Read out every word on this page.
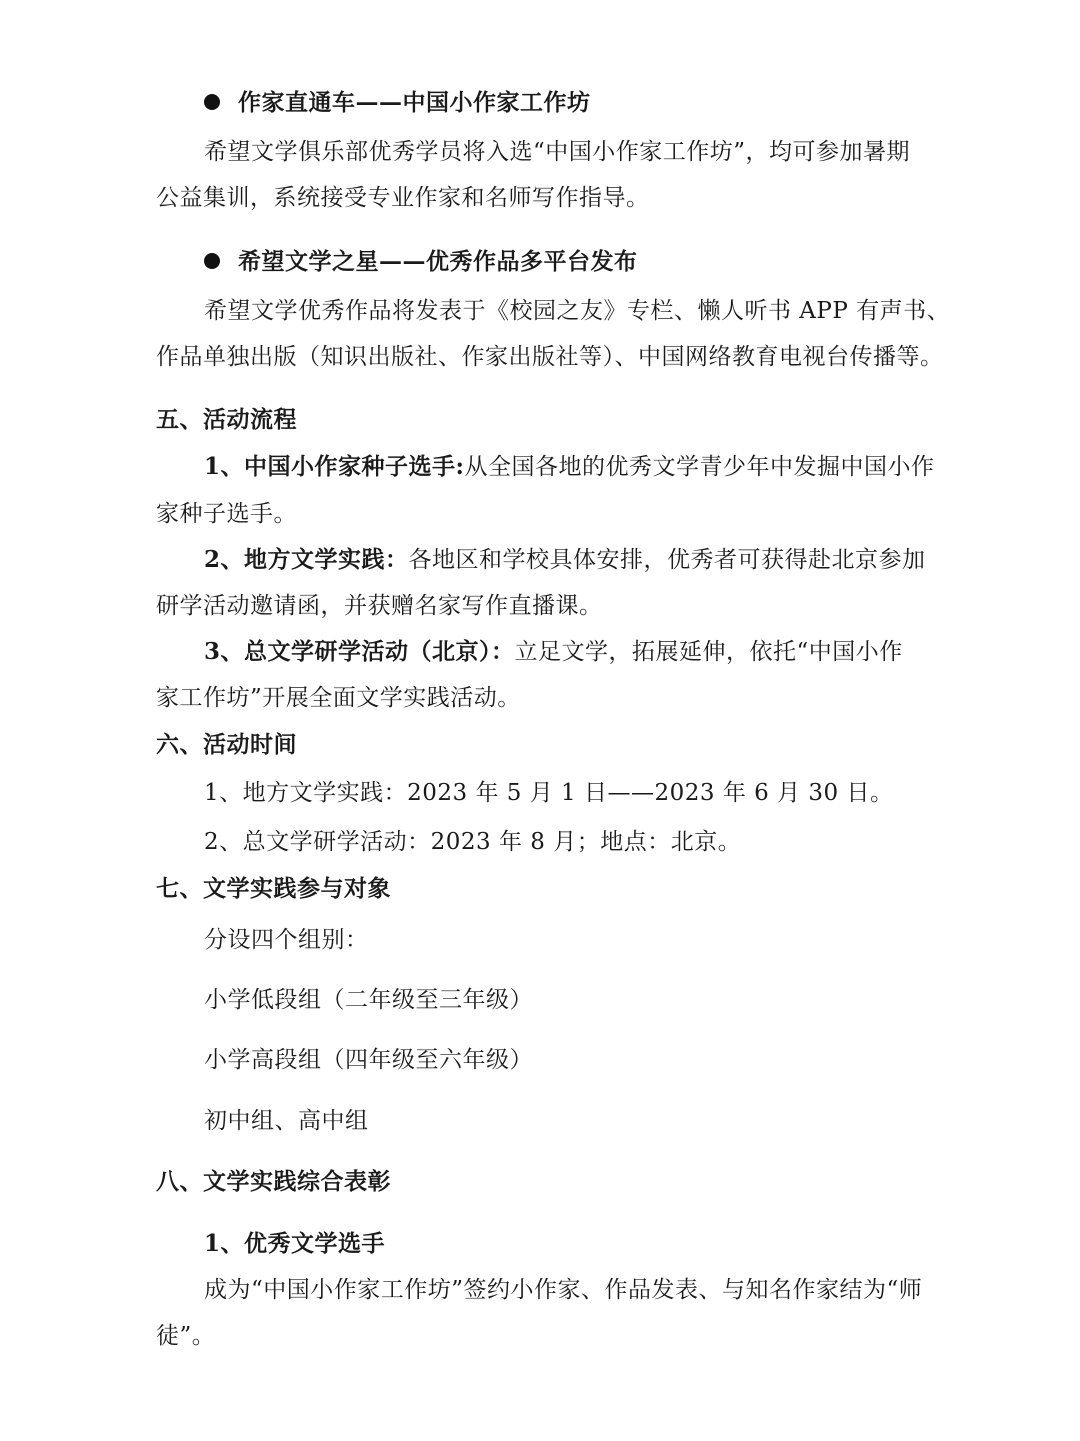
作家直通车——中国小作家工作坊
希望文学俱乐部优秀学员将入选“中国小作家工作坊”，均可参加暑期
公益集训，系统接受专业作家和名师写作指导。
希望文学之星——优秀作品多平台发布
希望文学优秀作品将发表于《校园之友》专栏、懒人听书 APP 有声书、
作品单独出版（知识出版社、作家出版社等）、中国网络教育电视台传播等。
五、活动流程
1、中国小作家种子选手:从全国各地的优秀文学青少年中发掘中国小作
家种子选手。
2、地方文学实践：各地区和学校具体安排，优秀者可获得赴北京参加
研学活动邀请函，并获赠名家写作直播课。
3、总文学研学活动（北京）：立足文学，拓展延伸，依托“中国小作
家工作坊”开展全面文学实践活动。
六、活动时间
1、地方文学实践：2023 年 5 月 1 日——2023 年 6 月 30 日。
2、总文学研学活动：2023 年 8 月；地点：北京。
七、文学实践参与对象
分设四个组别：
小学低段组（二年级至三年级）
小学高段组（四年级至六年级）
初中组、高中组
八、文学实践综合表彰
1、优秀文学选手
成为“中国小作家工作坊”签约小作家、作品发表、与知名作家结为“师
徒”。
